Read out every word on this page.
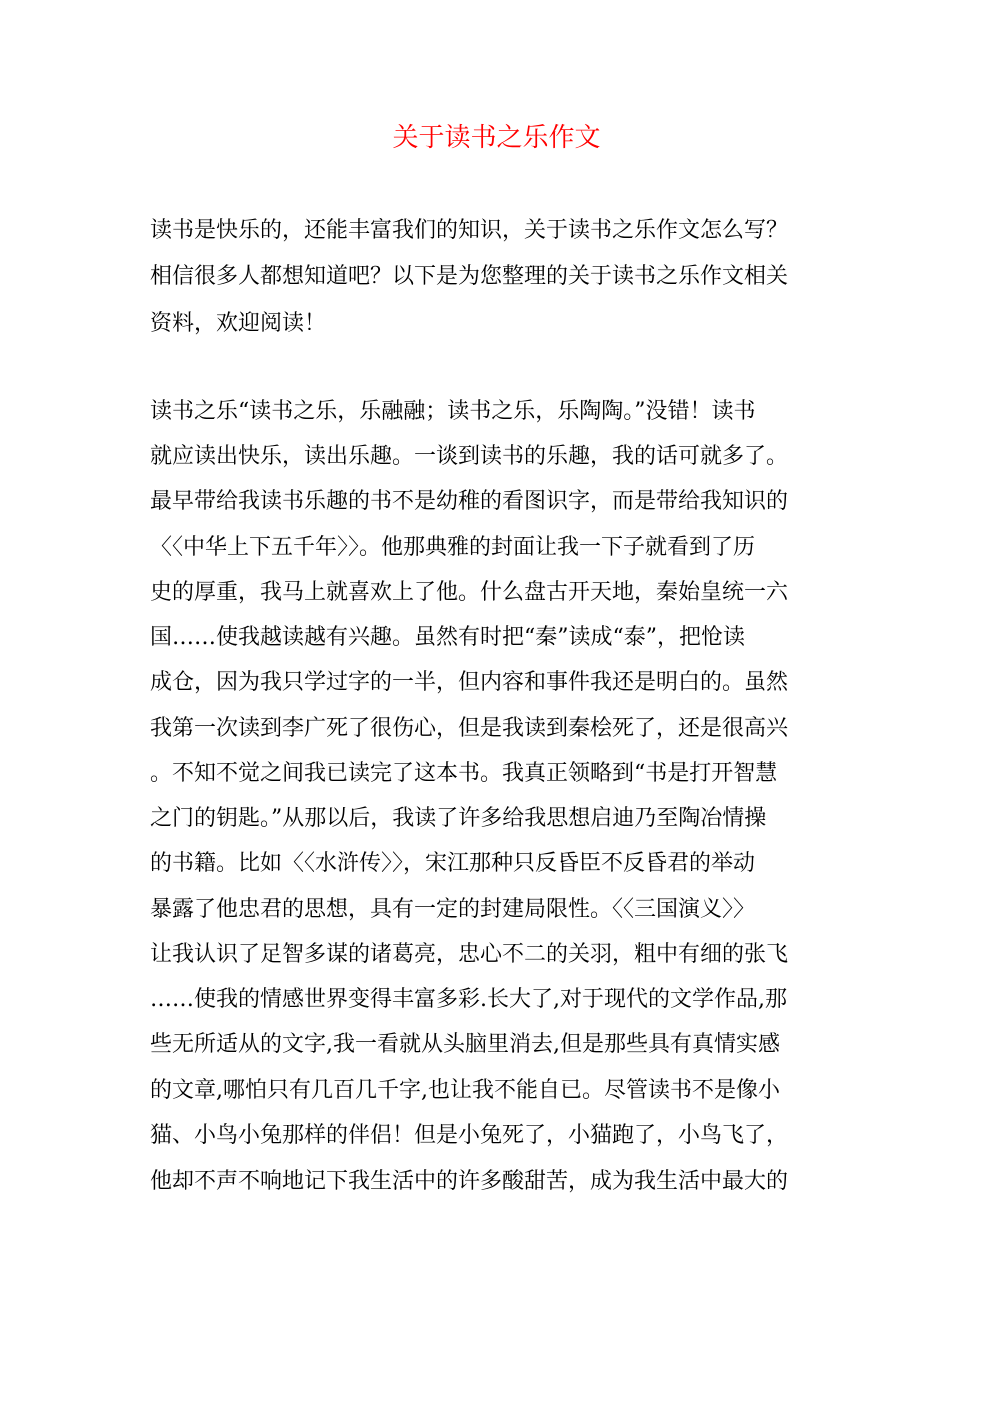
关于读书之乐作文

读书是快乐的，还能丰富我们的知识，关于读书之乐作文怎么写？

相信很多人都想知道吧？以下是为您整理的关于读书之乐作文相关

资料，欢迎阅读！

读书之乐“读书之乐，乐融融；读书之乐，乐陶陶。”没错！读书

就应读出快乐，读出乐趣。一谈到读书的乐趣，我的话可就多了。

最早带给我读书乐趣的书不是幼稚的看图识字，而是带给我知识的

〈〈中华上下五千年〉〉。他那典雅的封面让我一下子就看到了历

史的厚重，我马上就喜欢上了他。什么盘古开天地，秦始皇统一六

国……使我越读越有兴趣。虽然有时把“秦”读成“泰”，把怆读

成仓，因为我只学过字的一半，但内容和事件我还是明白的。虽然

我第一次读到李广死了很伤心，但是我读到秦桧死了，还是很高兴

。不知不觉之间我已读完了这本书。我真正领略到“书是打开智慧

之门的钥匙。”从那以后，我读了许多给我思想启迪乃至陶冶情操

的书籍。比如〈〈水浒传〉〉，宋江那种只反昏臣不反昏君的举动

暴露了他忠君的思想，具有一定的封建局限性。〈〈三国演义〉〉

让我认识了足智多谋的诸葛亮，忠心不二的关羽，粗中有细的张飞

……使我的情感世界变得丰富多彩.长大了,对于现代的文学作品,那

些无所适从的文字,我一看就从头脑里消去,但是那些具有真情实感

的文章,哪怕只有几百几千字,也让我不能自已。尽管读书不是像小

猫、小鸟小兔那样的伴侣！但是小兔死了，小猫跑了，小鸟飞了，

他却不声不响地记下我生活中的许多酸甜苦，成为我生活中最大的
